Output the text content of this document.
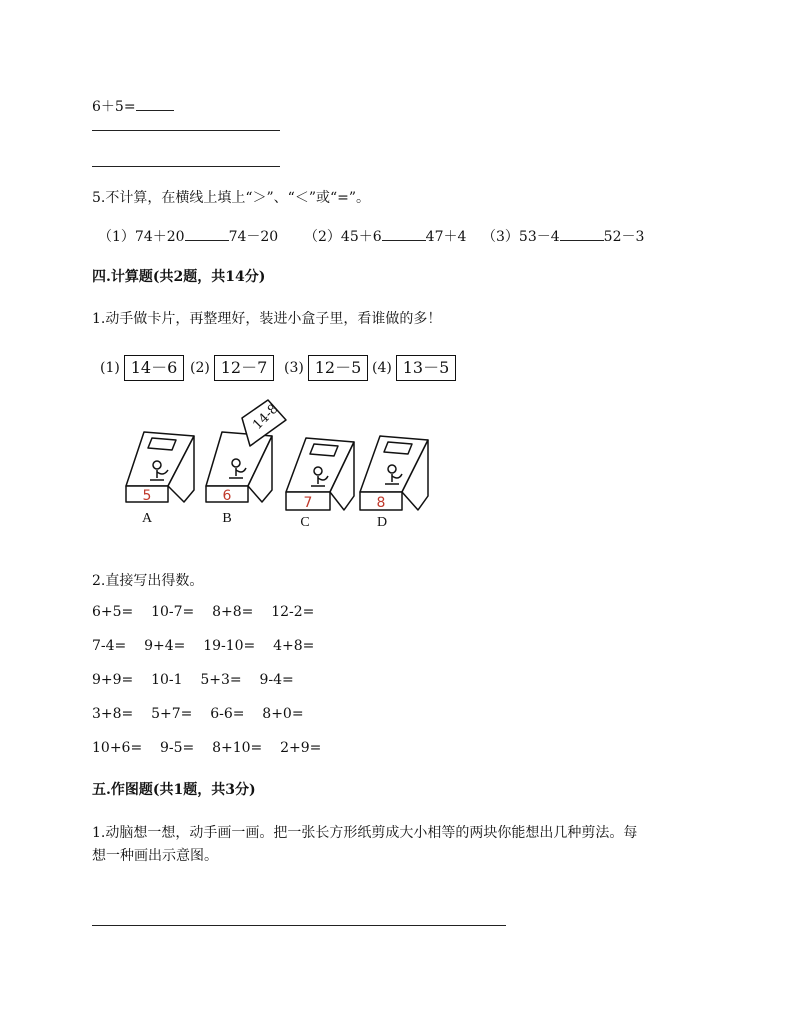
6＋5=
5.不计算，在横线上填上“＞”、“＜”或“=”。
（1）74＋20	74－20 （2）45＋6	47＋4 （3）53－4	52－3
四.计算题(共2题，共14分)
1.动手做卡片，再整理好，装进小盒子里，看谁做的多！
(1) 14－6 (2) 12－7	(3) 12－5 (4) 13－5
14-8
5	6	7	8
A	B	C	D
2.直接写出得数。
6+5= 10-7= 8+8= 12-2=
7-4= 9+4= 19-10= 4+8=
9+9= 10-1 5+3= 9-4=
3+8= 5+7= 6-6= 8+0=
10+6= 9-5= 8+10= 2+9=
五.作图题(共1题，共3分)
1.动脑想一想，动手画一画。把一张长方形纸剪成大小相等的两块你能想出几种剪法。每
想一种画出示意图。
